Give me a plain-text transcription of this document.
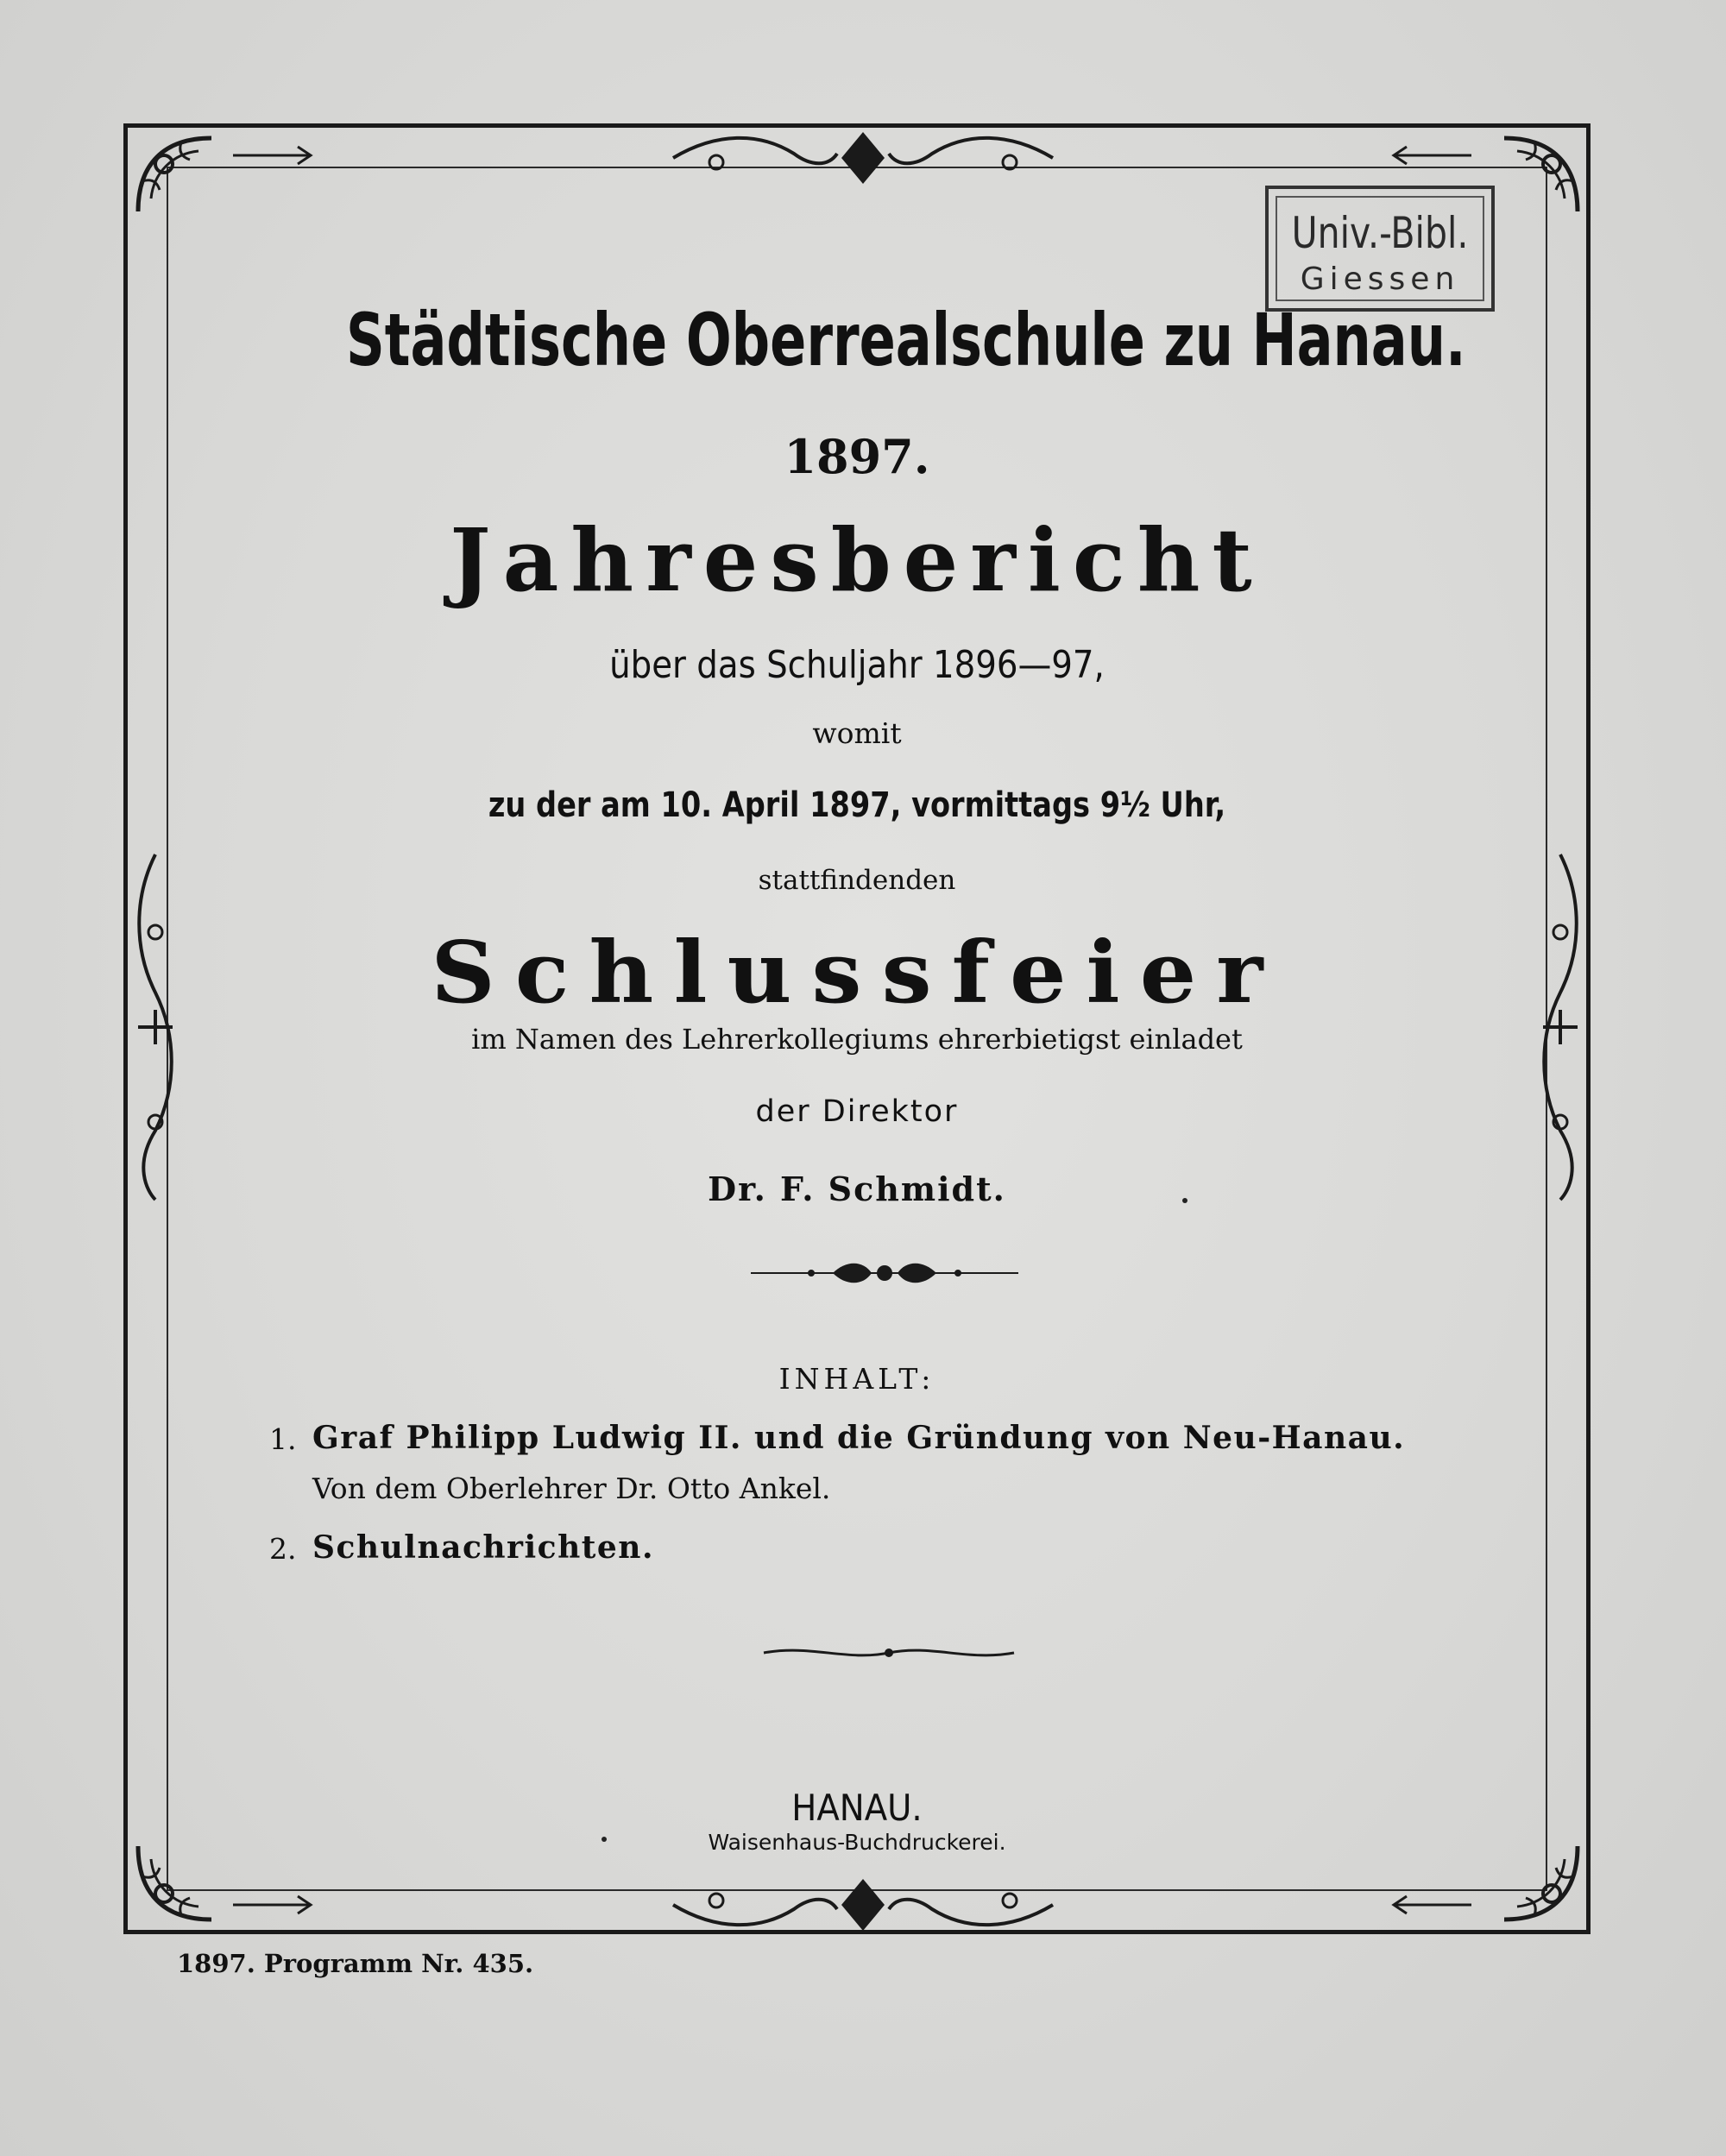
Univ.-Bibl.
Giessen
Städtische Oberrealschule zu Hanau.
1897.
Jahresbericht
über das Schuljahr 1896—97,
womit
zu der am 10. April 1897, vormittags 9½ Uhr,
stattfindenden
Schlussfeier
im Namen des Lehrerkollegiums ehrerbietigst einladet
der Direktor
Dr. F. Schmidt.
INHALT:
1. Graf Philipp Ludwig II. und die Gründung von Neu-Hanau.
Von dem Oberlehrer Dr. Otto Ankel.
2. Schulnachrichten.
HANAU.
Waisenhaus-Buchdruckerei.
1897. Programm Nr. 435.
